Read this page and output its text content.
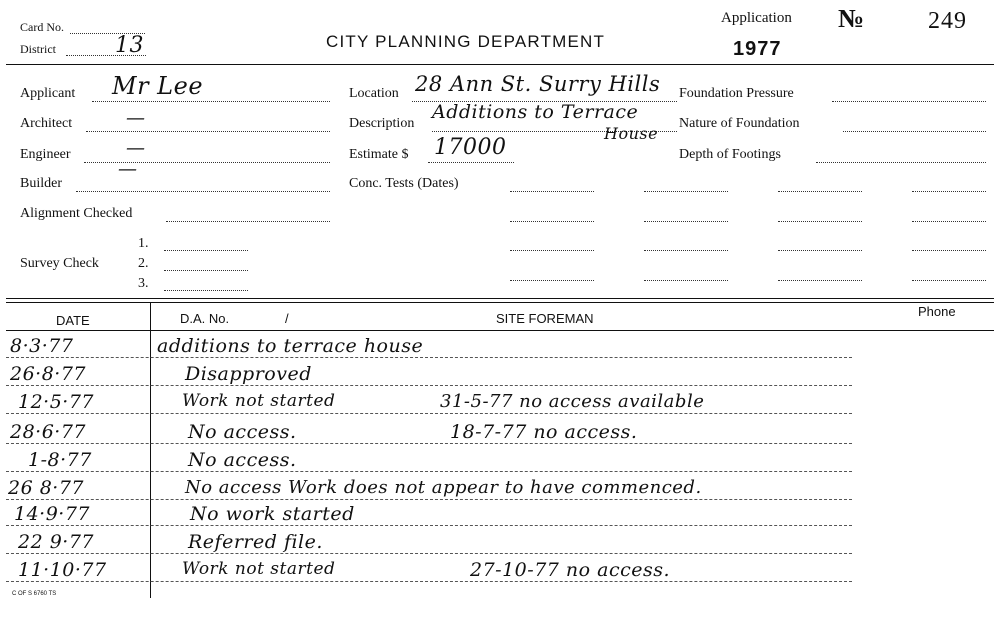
Card No.
District	13	CITY PLANNING DEPARTMENT
Application №	249
1977
Applicant Mr Lee
Architect	—
Engineer	—
Builder
—
Alignment Checked
Survey Check
1.
2.
3.
Location 28 Ann St. Surry Hills
Description
Additions to Terrace
House
Estimate $ 17000
Conc. Tests (Dates)
Foundation Pressure
Nature of Foundation
Depth of Footings
DATE	D.A. No.	/	SITE FOREMAN	Phone
8·3·77	additions to terrace house
26·8·77	Disapproved
12·5·77	Work not started	31-5-77 no access available
28·6·77	No access.	18-7-77 no access.
1-8·77	No access.
26 8·77	No access Work does not appear to have commenced.
14·9·77	No work started
22 9·77	Referred file.
11·10·77	Work not started	27-10-77 no access.
C OF S 6760 TS
